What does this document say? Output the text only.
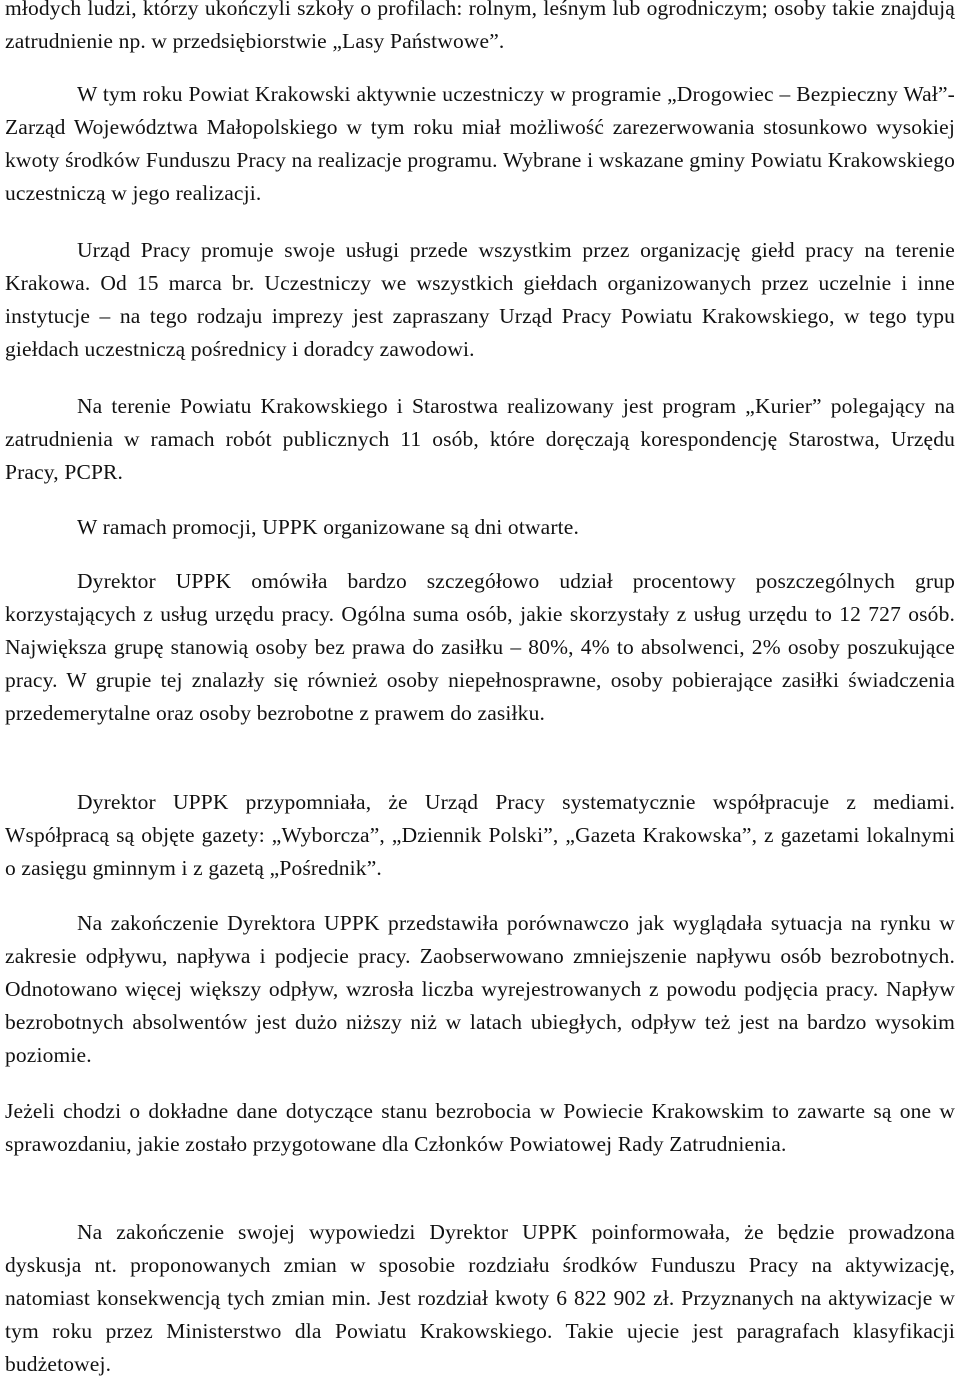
młodych ludzi, którzy ukończyli szkoły o profilach: rolnym, leśnym lub ogrodniczym; osoby takie znajdują zatrudnienie np. w przedsiębiorstwie „Lasy Państwowe”.

W tym roku Powiat Krakowski aktywnie uczestniczy w programie „Drogowiec – Bezpieczny Wał”- Zarząd Województwa Małopolskiego w tym roku miał możliwość zarezerwowania stosunkowo wysokiej kwoty środków Funduszu Pracy na realizacje programu. Wybrane i wskazane gminy Powiatu Krakowskiego uczestniczą w jego realizacji.

Urząd Pracy promuje swoje usługi przede wszystkim przez organizację giełd pracy na terenie Krakowa. Od 15 marca br. Uczestniczy we wszystkich giełdach organizowanych przez uczelnie i inne instytucje – na tego rodzaju imprezy jest zapraszany Urząd Pracy Powiatu Krakowskiego, w tego typu giełdach uczestniczą pośrednicy i doradcy zawodowi.

Na terenie Powiatu Krakowskiego i Starostwa realizowany jest program „Kurier” polegający na zatrudnienia w ramach robót publicznych 11 osób, które doręczają korespondencję Starostwa, Urzędu Pracy, PCPR.

W ramach promocji, UPPK organizowane są dni otwarte.

Dyrektor UPPK omówiła bardzo szczegółowo udział procentowy poszczególnych grup korzystających z usług urzędu pracy. Ogólna suma osób, jakie skorzystały z usług urzędu to 12 727 osób. Największa grupę stanowią osoby bez prawa do zasiłku – 80%, 4% to absolwenci, 2% osoby poszukujące pracy. W grupie tej znalazły się również osoby niepełnosprawne, osoby pobierające zasiłki świadczenia przedemerytalne oraz osoby bezrobotne z prawem do zasiłku.

Dyrektor UPPK przypomniała, że Urząd Pracy systematycznie współpracuje z mediami. Współpracą są objęte gazety: „Wyborcza”, „Dziennik Polski”, „Gazeta Krakowska”, z gazetami lokalnymi o zasięgu gminnym i z gazetą „Pośrednik”.

Na zakończenie Dyrektora UPPK przedstawiła porównawczo jak wyglądała sytuacja na rynku w zakresie odpływu, napływa i podjecie pracy. Zaobserwowano zmniejszenie napływu osób bezrobotnych. Odnotowano więcej większy odpływ, wzrosła liczba wyrejestrowanych z powodu podjęcia pracy. Napływ bezrobotnych absolwentów jest dużo niższy niż w latach ubiegłych, odpływ też jest na bardzo wysokim poziomie.

Jeżeli chodzi o dokładne dane dotyczące stanu bezrobocia w Powiecie Krakowskim to zawarte są one w sprawozdaniu, jakie zostało przygotowane dla Członków Powiatowej Rady Zatrudnienia.

Na zakończenie swojej wypowiedzi Dyrektor UPPK poinformowała, że będzie prowadzona dyskusja nt. proponowanych zmian w sposobie rozdziału środków Funduszu Pracy na aktywizację, natomiast konsekwencją tych zmian min. Jest rozdział kwoty 6 822 902 zł. Przyznanych na aktywizacje w tym roku przez Ministerstwo dla Powiatu Krakowskiego. Takie ujecie jest paragrafach klasyfikacji budżetowej.
